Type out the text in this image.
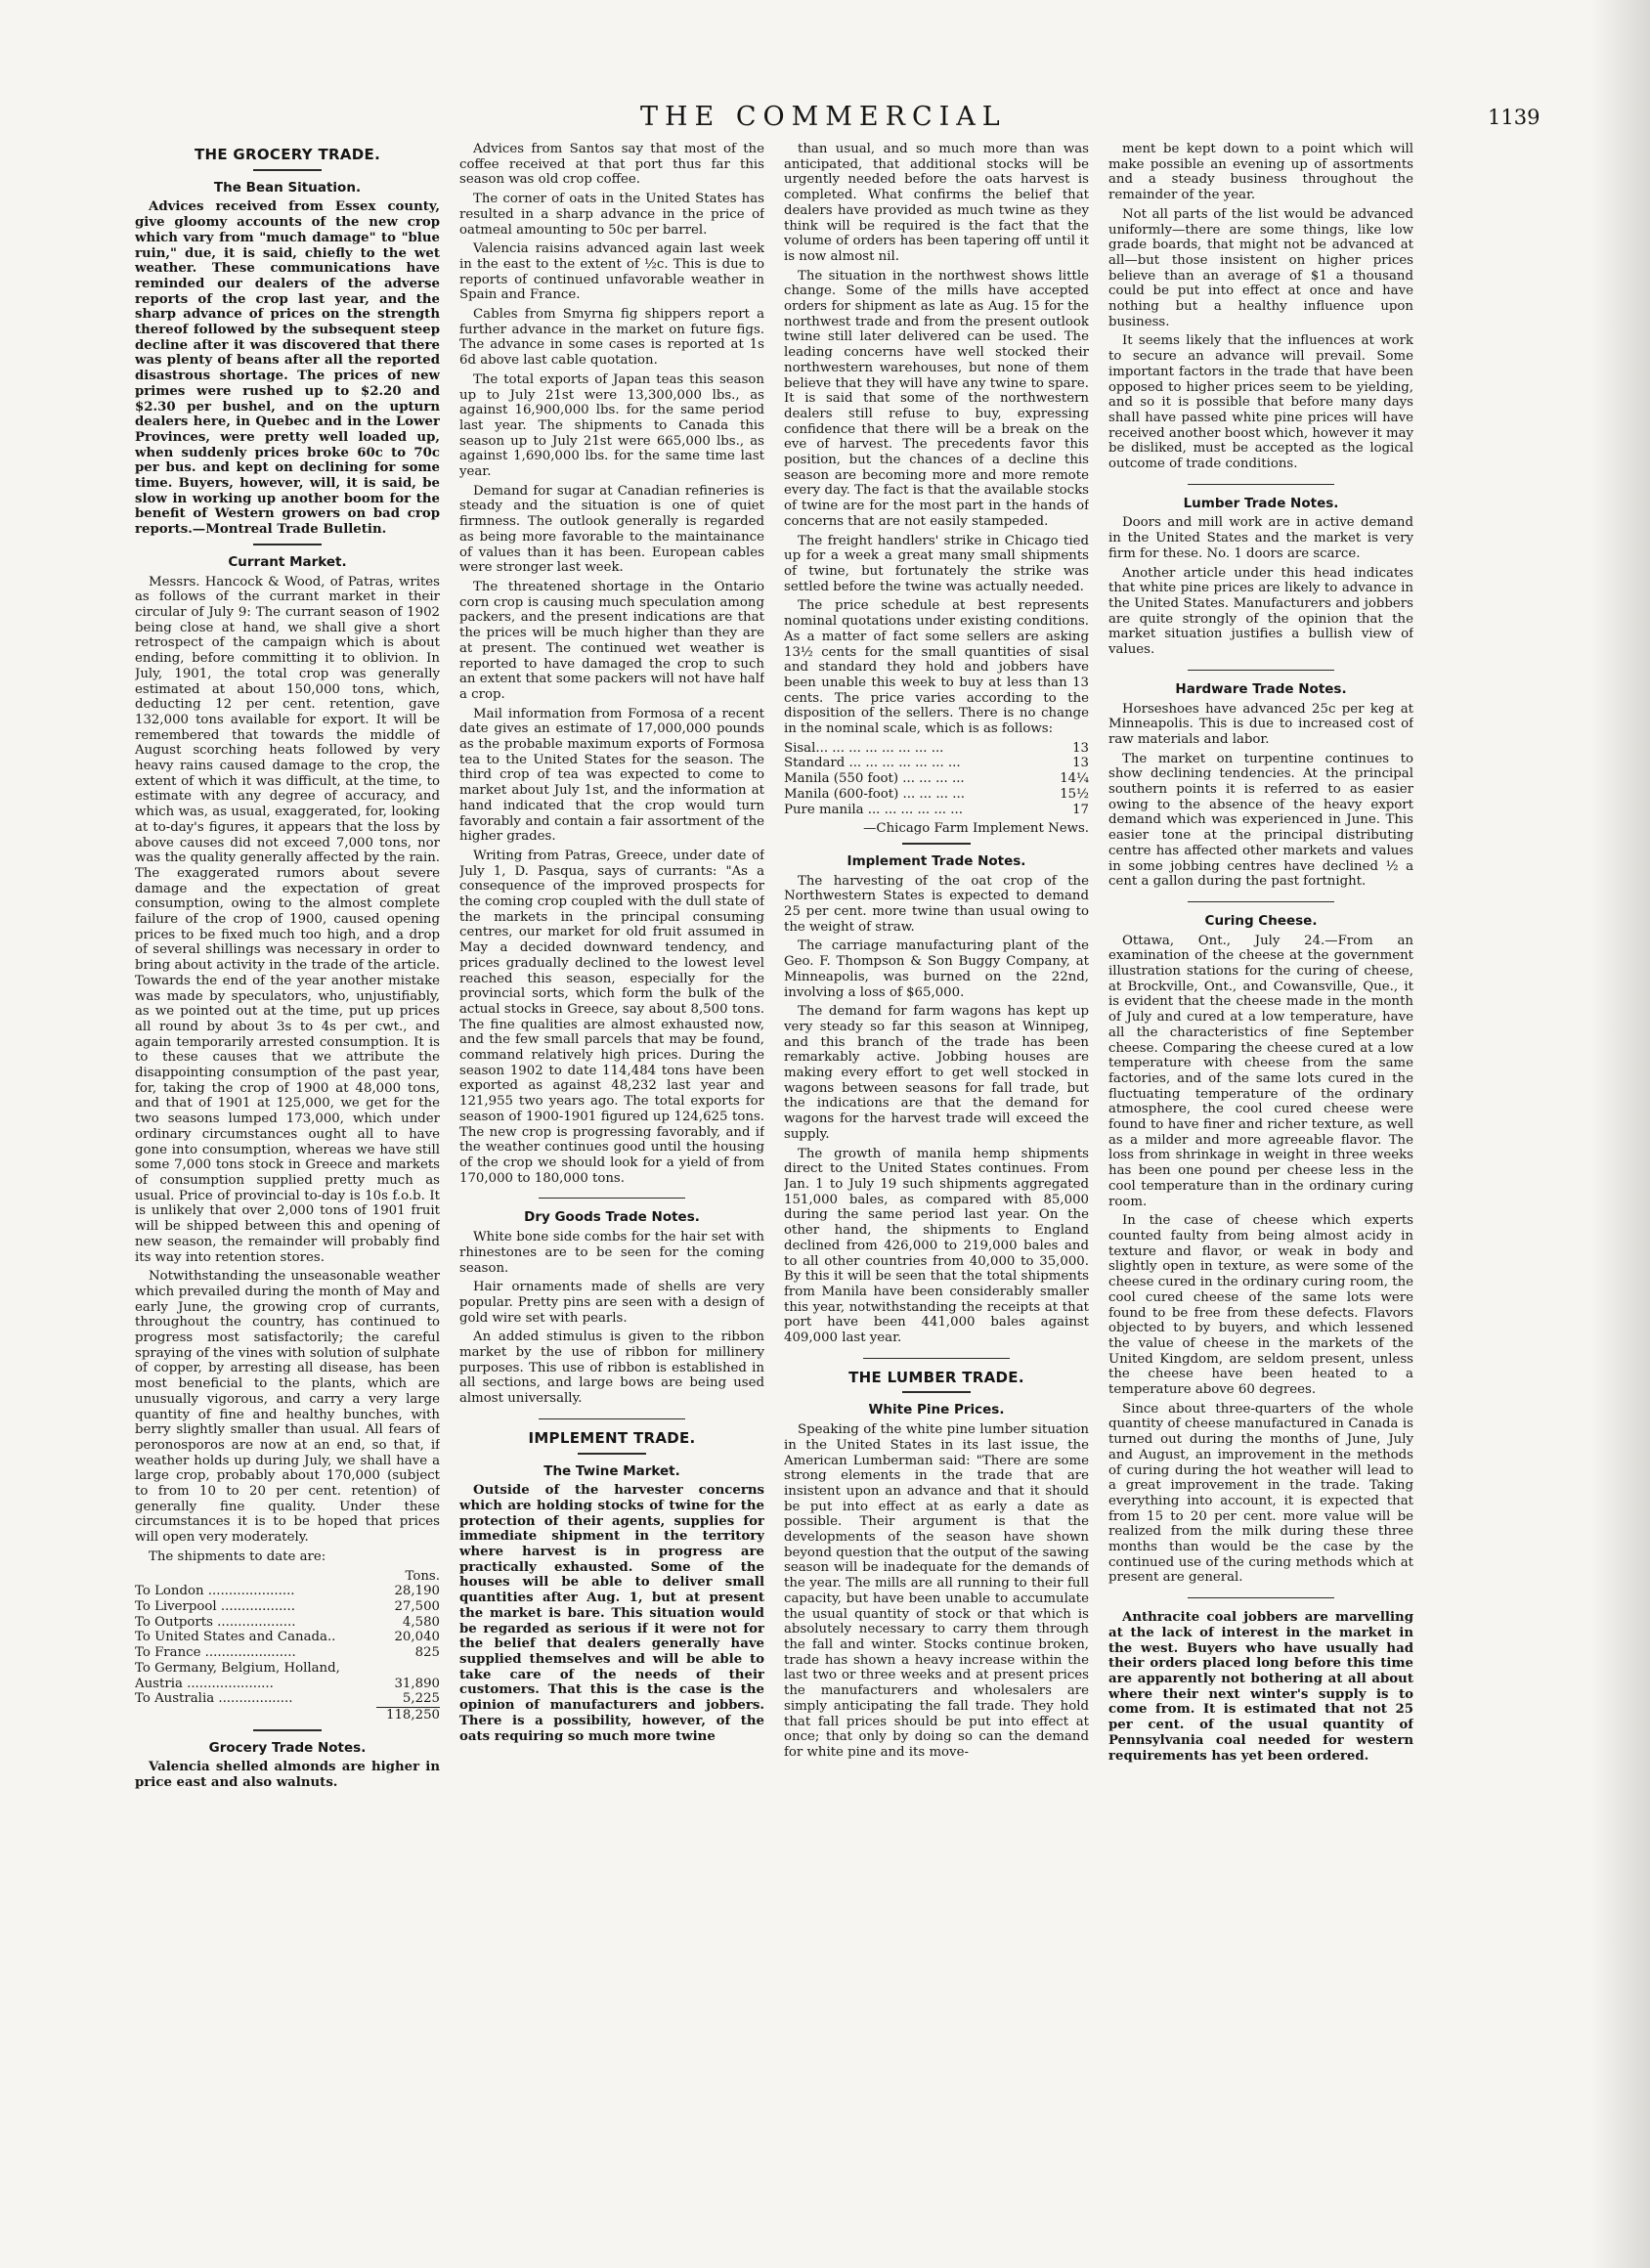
THE COMMERCIAL	1139
THE GROCERY TRADE.
The Bean Situation.

Advices received from Essex county, give gloomy accounts of the new crop which vary from "much damage" to "blue ruin," due, it is said, chiefly to the wet weather. These communications have reminded our dealers of the adverse reports of the crop last year, and the sharp advance of prices on the strength thereof followed by the subsequent steep decline after it was discovered that there was plenty of beans after all the reported disastrous shortage. The prices of new primes were rushed up to $2.20 and $2.30 per bushel, and on the upturn dealers here, in Quebec and in the Lower Provinces, were pretty well loaded up, when suddenly prices broke 60c to 70c per bus. and kept on declining for some time. Buyers, however, will, it is said, be slow in working up another boom for the benefit of Western growers on bad crop reports.—Montreal Trade Bulletin.

Currant Market.

Messrs. Hancock & Wood, of Patras, writes as follows of the currant market in their circular of July 9: The currant season of 1902 being close at hand, we shall give a short retrospect of the campaign which is about ending, before committing it to oblivion. In July, 1901, the total crop was generally estimated at about 150,000 tons, which, deducting 12 per cent. retention, gave 132,000 tons available for export. It will be remembered that towards the middle of August scorching heats followed by very heavy rains caused damage to the crop, the extent of which it was difficult, at the time, to estimate with any degree of accuracy, and which was, as usual, exaggerated, for, looking at to-day's figures, it appears that the loss by above causes did not exceed 7,000 tons, nor was the quality generally affected by the rain. The exaggerated rumors about severe damage and the expectation of great consumption, owing to the almost complete failure of the crop of 1900, caused opening prices to be fixed much too high, and a drop of several shillings was necessary in order to bring about activity in the trade of the article. Towards the end of the year another mistake was made by speculators, who, unjustifiably, as we pointed out at the time, put up prices all round by about 3s to 4s per cwt., and again temporarily arrested consumption. It is to these causes that we attribute the disappointing consumption of the past year, for, taking the crop of 1900 at 48,000 tons, and that of 1901 at 125,000, we get for the two seasons lumped 173,000, which under ordinary circumstances ought all to have gone into consumption, whereas we have still some 7,000 tons stock in Greece and markets of consumption supplied pretty much as usual. Price of provincial to-day is 10s f.o.b. It is unlikely that over 2,000 tons of 1901 fruit will be shipped between this and opening of new season, the remainder will probably find its way into retention stores.

Notwithstanding the unseasonable weather which prevailed during the month of May and early June, the growing crop of currants, throughout the country, has continued to progress most satisfactorily; the careful spraying of the vines with solution of sulphate of copper, by arresting all disease, has been most beneficial to the plants, which are unusually vigorous, and carry a very large quantity of fine and healthy bunches, with berry slightly smaller than usual. All fears of peronosporos are now at an end, so that, if weather holds up during July, we shall have a large crop, probably about 170,000 (subject to from 10 to 20 per cent. retention) of generally fine quality. Under these circumstances it is to be hoped that prices will open very moderately.

The shipments to date are:

	Tons.
To London .....................	28,190
To Liverpool ..................	27,500
To Outports ...................	4,580
To United States and Canada..	20,040
To France ......................	825
To Germany, Belgium, Holland,	
Austria .....................	31,890
To Australia ..................	5,225
	118,250
Grocery Trade Notes.

Valencia shelled almonds are higher in price east and also walnuts.

Advices from Santos say that most of the coffee received at that port thus far this season was old crop coffee.

The corner of oats in the United States has resulted in a sharp advance in the price of oatmeal amounting to 50c per barrel.

Valencia raisins advanced again last week in the east to the extent of ½c. This is due to reports of continued unfavorable weather in Spain and France.

Cables from Smyrna fig shippers report a further advance in the market on future figs. The advance in some cases is reported at 1s 6d above last cable quotation.

The total exports of Japan teas this season up to July 21st were 13,300,000 lbs., as against 16,900,000 lbs. for the same period last year. The shipments to Canada this season up to July 21st were 665,000 lbs., as against 1,690,000 lbs. for the same time last year.

Demand for sugar at Canadian refineries is steady and the situation is one of quiet firmness. The outlook generally is regarded as being more favorable to the maintainance of values than it has been. European cables were stronger last week.

The threatened shortage in the Ontario corn crop is causing much speculation among packers, and the present indications are that the prices will be much higher than they are at present. The continued wet weather is reported to have damaged the crop to such an extent that some packers will not have half a crop.

Mail information from Formosa of a recent date gives an estimate of 17,000,000 pounds as the probable maximum exports of Formosa tea to the United States for the season. The third crop of tea was expected to come to market about July 1st, and the information at hand indicated that the crop would turn favorably and contain a fair assortment of the higher grades.

Writing from Patras, Greece, under date of July 1, D. Pasqua, says of currants: "As a consequence of the improved prospects for the coming crop coupled with the dull state of the markets in the principal consuming centres, our market for old fruit assumed in May a decided downward tendency, and prices gradually declined to the lowest level reached this season, especially for the provincial sorts, which form the bulk of the actual stocks in Greece, say about 8,500 tons. The fine qualities are almost exhausted now, and the few small parcels that may be found, command relatively high prices. During the season 1902 to date 114,484 tons have been exported as against 48,232 last year and 121,955 two years ago. The total exports for season of 1900-1901 figured up 124,625 tons. The new crop is progressing favorably, and if the weather continues good until the housing of the crop we should look for a yield of from 170,000 to 180,000 tons.

Dry Goods Trade Notes.

White bone side combs for the hair set with rhinestones are to be seen for the coming season.

Hair ornaments made of shells are very popular. Pretty pins are seen with a design of gold wire set with pearls.

An added stimulus is given to the ribbon market by the use of ribbon for millinery purposes. This use of ribbon is established in all sections, and large bows are being used almost universally.

IMPLEMENT TRADE.
The Twine Market.

Outside of the harvester concerns which are holding stocks of twine for the protection of their agents, supplies for immediate shipment in the territory where harvest is in progress are practically exhausted. Some of the houses will be able to deliver small quantities after Aug. 1, but at present the market is bare. This situation would be regarded as serious if it were not for the belief that dealers generally have supplied themselves and will be able to take care of the needs of their customers. That this is the case is the opinion of manufacturers and jobbers. There is a possibility, however, of the oats requiring so much more twine

than usual, and so much more than was anticipated, that additional stocks will be urgently needed before the oats harvest is completed. What confirms the belief that dealers have provided as much twine as they think will be required is the fact that the volume of orders has been tapering off until it is now almost nil.

The situation in the northwest shows little change. Some of the mills have accepted orders for shipment as late as Aug. 15 for the northwest trade and from the present outlook twine still later delivered can be used. The leading concerns have well stocked their northwestern warehouses, but none of them believe that they will have any twine to spare. It is said that some of the northwestern dealers still refuse to buy, expressing confidence that there will be a break on the eve of harvest. The precedents favor this position, but the chances of a decline this season are becoming more and more remote every day. The fact is that the available stocks of twine are for the most part in the hands of concerns that are not easily stampeded.

The freight handlers' strike in Chicago tied up for a week a great many small shipments of twine, but fortunately the strike was settled before the twine was actually needed.

The price schedule at best represents nominal quotations under existing conditions. As a matter of fact some sellers are asking 13½ cents for the small quantities of sisal and standard they hold and jobbers have been unable this week to buy at less than 13 cents. The price varies according to the disposition of the sellers. There is no change in the nominal scale, which is as follows:

Sisal... ... ... ... ... ... ... ...	13
Standard ... ... ... ... ... ... ...	13
Manila (550 foot) ... ... ... ...	14¼
Manila (600-foot) ... ... ... ...	15½
Pure manila ... ... ... ... ... ...	17

—Chicago Farm Implement News.

Implement Trade Notes.

The harvesting of the oat crop of the Northwestern States is expected to demand 25 per cent. more twine than usual owing to the weight of straw.

The carriage manufacturing plant of the Geo. F. Thompson & Son Buggy Company, at Minneapolis, was burned on the 22nd, involving a loss of $65,000.

The demand for farm wagons has kept up very steady so far this season at Winnipeg, and this branch of the trade has been remarkably active. Jobbing houses are making every effort to get well stocked in wagons between seasons for fall trade, but the indications are that the demand for wagons for the harvest trade will exceed the supply.

The growth of manila hemp shipments direct to the United States continues. From Jan. 1 to July 19 such shipments aggregated 151,000 bales, as compared with 85,000 during the same period last year. On the other hand, the shipments to England declined from 426,000 to 219,000 bales and to all other countries from 40,000 to 35,000. By this it will be seen that the total shipments from Manila have been considerably smaller this year, notwithstanding the receipts at that port have been 441,000 bales against 409,000 last year.

THE LUMBER TRADE.
White Pine Prices.

Speaking of the white pine lumber situation in the United States in its last issue, the American Lumberman said: "There are some strong elements in the trade that are insistent upon an advance and that it should be put into effect at as early a date as possible. Their argument is that the developments of the season have shown beyond question that the output of the sawing season will be inadequate for the demands of the year. The mills are all running to their full capacity, but have been unable to accumulate the usual quantity of stock or that which is absolutely necessary to carry them through the fall and winter. Stocks continue broken, trade has shown a heavy increase within the last two or three weeks and at present prices the manufacturers and wholesalers are simply anticipating the fall trade. They hold that fall prices should be put into effect at once; that only by doing so can the demand for white pine and its move-

ment be kept down to a point which will make possible an evening up of assortments and a steady business throughout the remainder of the year.

Not all parts of the list would be advanced uniformly—there are some things, like low grade boards, that might not be advanced at all—but those insistent on higher prices believe than an average of $1 a thousand could be put into effect at once and have nothing but a healthy influence upon business.

It seems likely that the influences at work to secure an advance will prevail. Some important factors in the trade that have been opposed to higher prices seem to be yielding, and so it is possible that before many days shall have passed white pine prices will have received another boost which, however it may be disliked, must be accepted as the logical outcome of trade conditions.

Lumber Trade Notes.

Doors and mill work are in active demand in the United States and the market is very firm for these. No. 1 doors are scarce.

Another article under this head indicates that white pine prices are likely to advance in the United States. Manufacturers and jobbers are quite strongly of the opinion that the market situation justifies a bullish view of values.

Hardware Trade Notes.

Horseshoes have advanced 25c per keg at Minneapolis. This is due to increased cost of raw materials and labor.

The market on turpentine continues to show declining tendencies. At the principal southern points it is referred to as easier owing to the absence of the heavy export demand which was experienced in June. This easier tone at the principal distributing centre has affected other markets and values in some jobbing centres have declined ½ a cent a gallon during the past fortnight.

Curing Cheese.

Ottawa, Ont., July 24.—From an examination of the cheese at the government illustration stations for the curing of cheese, at Brockville, Ont., and Cowansville, Que., it is evident that the cheese made in the month of July and cured at a low temperature, have all the characteristics of fine September cheese. Comparing the cheese cured at a low temperature with cheese from the same factories, and of the same lots cured in the fluctuating temperature of the ordinary atmosphere, the cool cured cheese were found to have finer and richer texture, as well as a milder and more agreeable flavor. The loss from shrinkage in weight in three weeks has been one pound per cheese less in the cool temperature than in the ordinary curing room.

In the case of cheese which experts counted faulty from being almost acidy in texture and flavor, or weak in body and slightly open in texture, as were some of the cheese cured in the ordinary curing room, the cool cured cheese of the same lots were found to be free from these defects. Flavors objected to by buyers, and which lessened the value of cheese in the markets of the United Kingdom, are seldom present, unless the cheese have been heated to a temperature above 60 degrees.

Since about three-quarters of the whole quantity of cheese manufactured in Canada is turned out during the months of June, July and August, an improvement in the methods of curing during the hot weather will lead to a great improvement in the trade. Taking everything into account, it is expected that from 15 to 20 per cent. more value will be realized from the milk during these three months than would be the case by the continued use of the curing methods which at present are general.

Anthracite coal jobbers are marvelling at the lack of interest in the market in the west. Buyers who have usually had their orders placed long before this time are apparently not bothering at all about where their next winter's supply is to come from. It is estimated that not 25 per cent. of the usual quantity of Pennsylvania coal needed for western requirements has yet been ordered.
